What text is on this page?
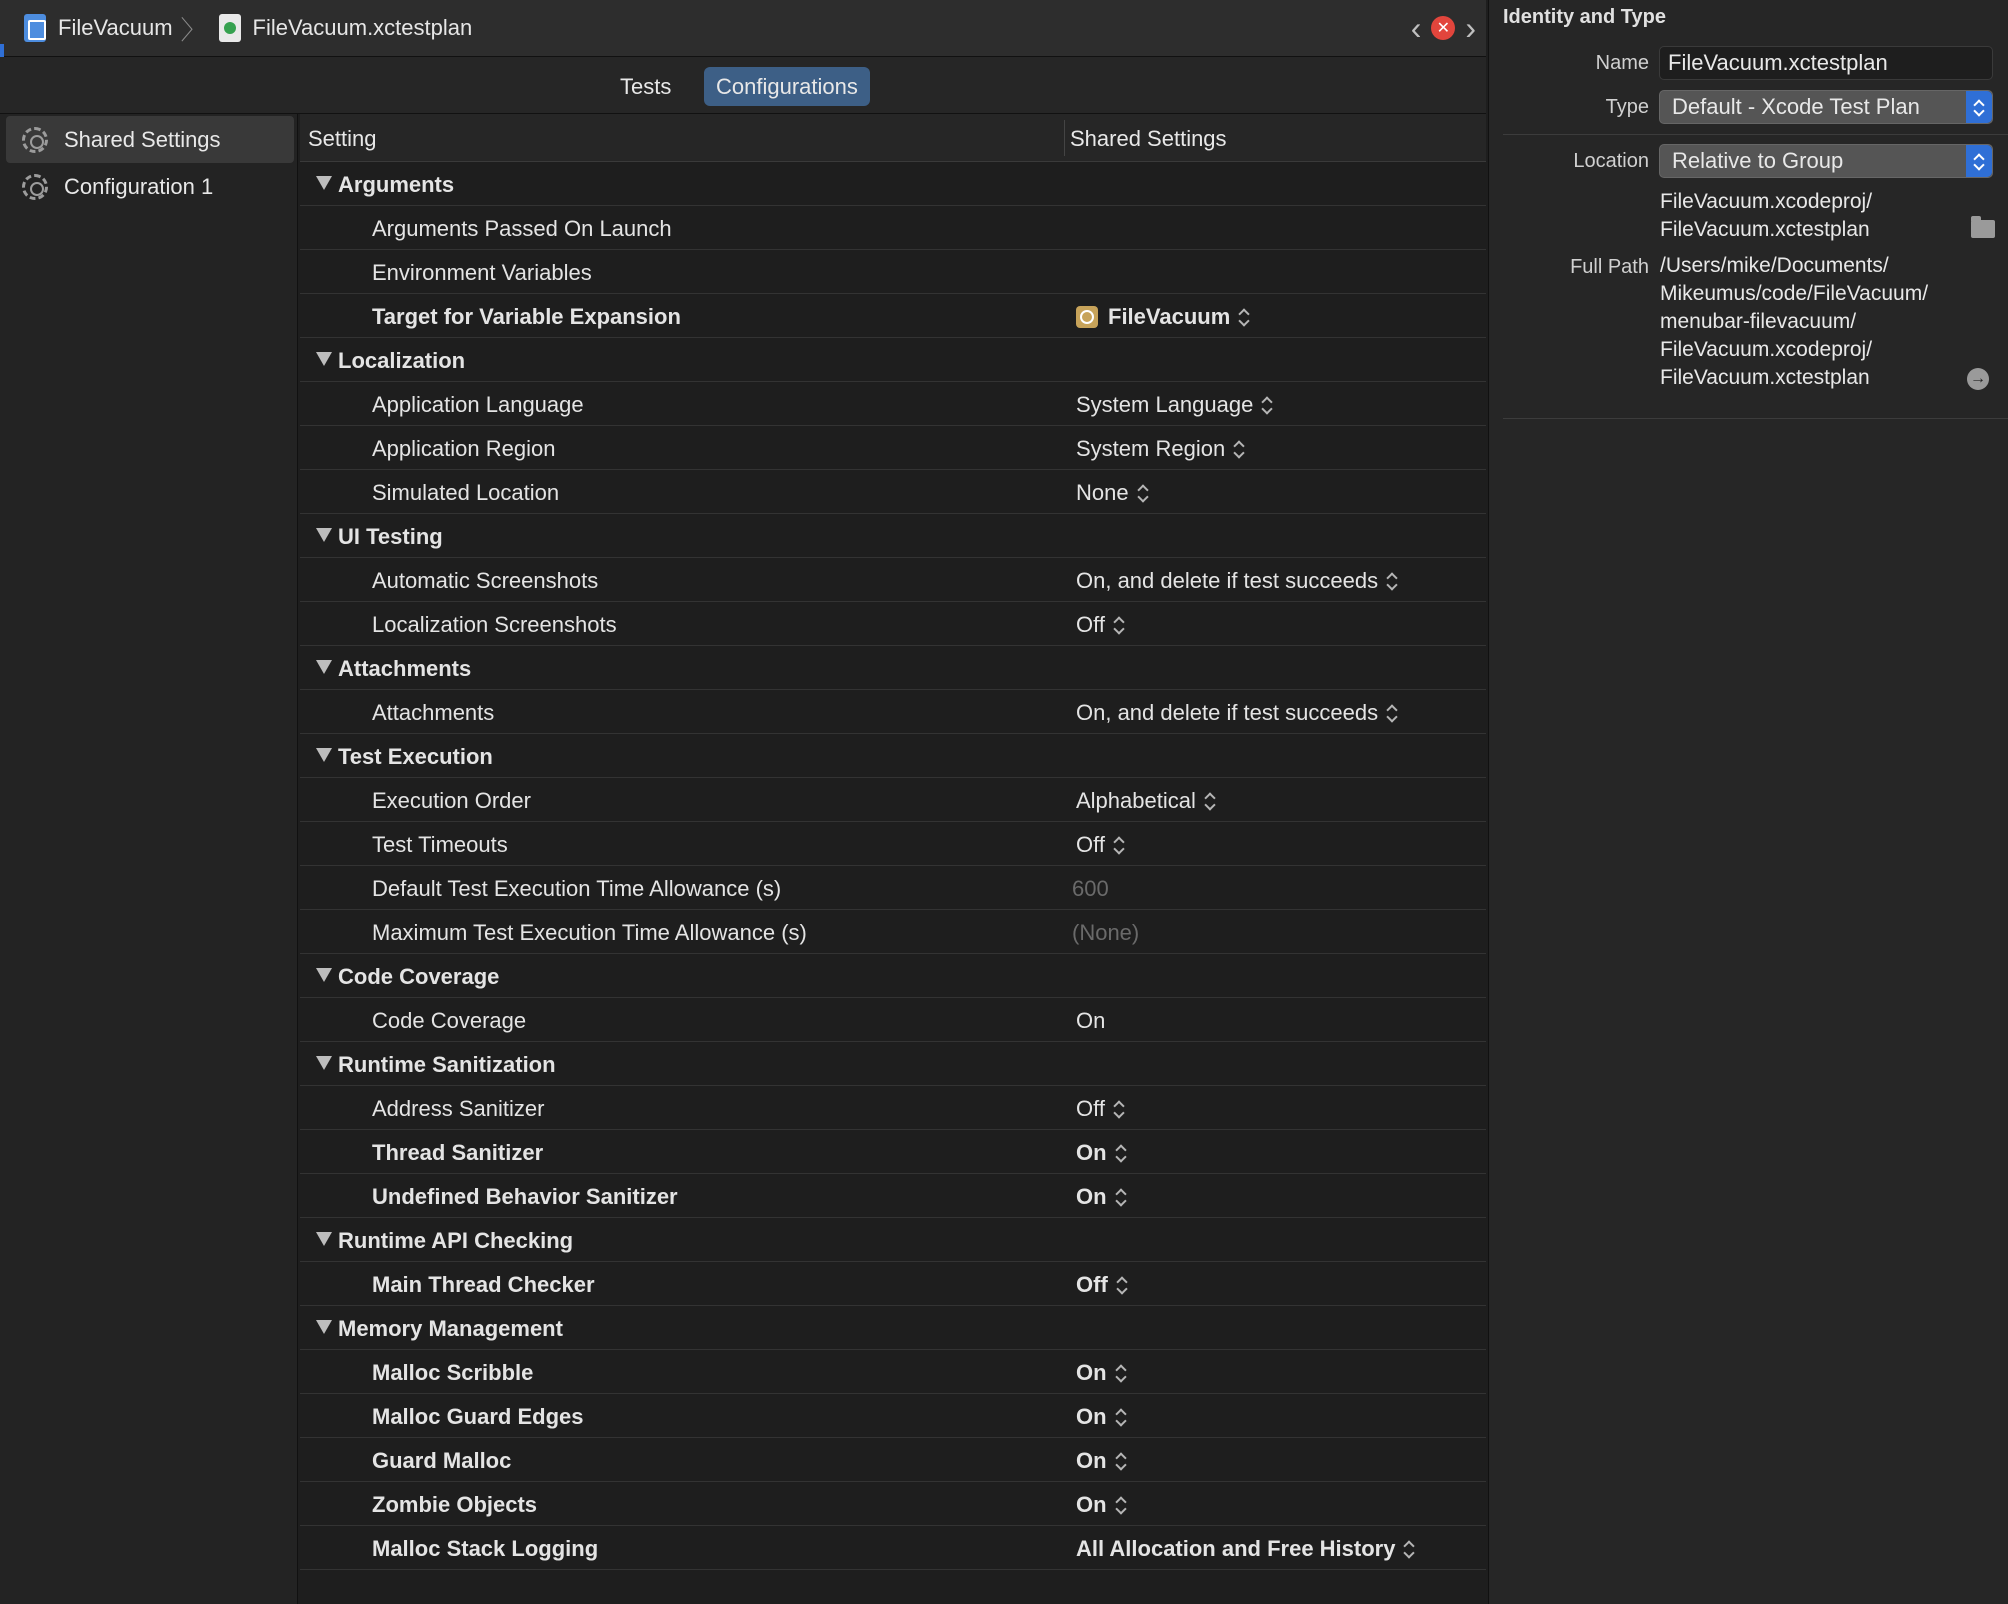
FileVacuum 〉 FileVacuum.xctestplan	‹ ✕ ›
Tests	Configurations
Shared Settings
Configuration 1
Setting	Shared Settings
Arguments
Arguments Passed On Launch
Environment Variables
Target for Variable Expansion	FileVacuum
Localization
Application Language	System Language
Application Region	System Region
Simulated Location	None
UI Testing
Automatic Screenshots	On, and delete if test succeeds
Localization Screenshots	Off
Attachments
Attachments	On, and delete if test succeeds
Test Execution
Execution Order	Alphabetical
Test Timeouts	Off
Default Test Execution Time Allowance (s)	600
Maximum Test Execution Time Allowance (s)	(None)
Code Coverage
Code Coverage	On
Runtime Sanitization
Address Sanitizer	Off
Thread Sanitizer	On
Undefined Behavior Sanitizer	On
Runtime API Checking
Main Thread Checker	Off
Memory Management
Malloc Scribble	On
Malloc Guard Edges	On
Guard Malloc	On
Zombie Objects	On
Malloc Stack Logging	All Allocation and Free History
Identity and Type
Name FileVacuum.xctestplan
Type Default - Xcode Test Plan
Location Relative to Group
FileVacuum.xcodeproj/
FileVacuum.xctestplan
Full Path /Users/mike/Documents/
Mikeumus/code/FileVacuum/
menubar-filevacuum/
FileVacuum.xcodeproj/
FileVacuum.xctestplan	→
